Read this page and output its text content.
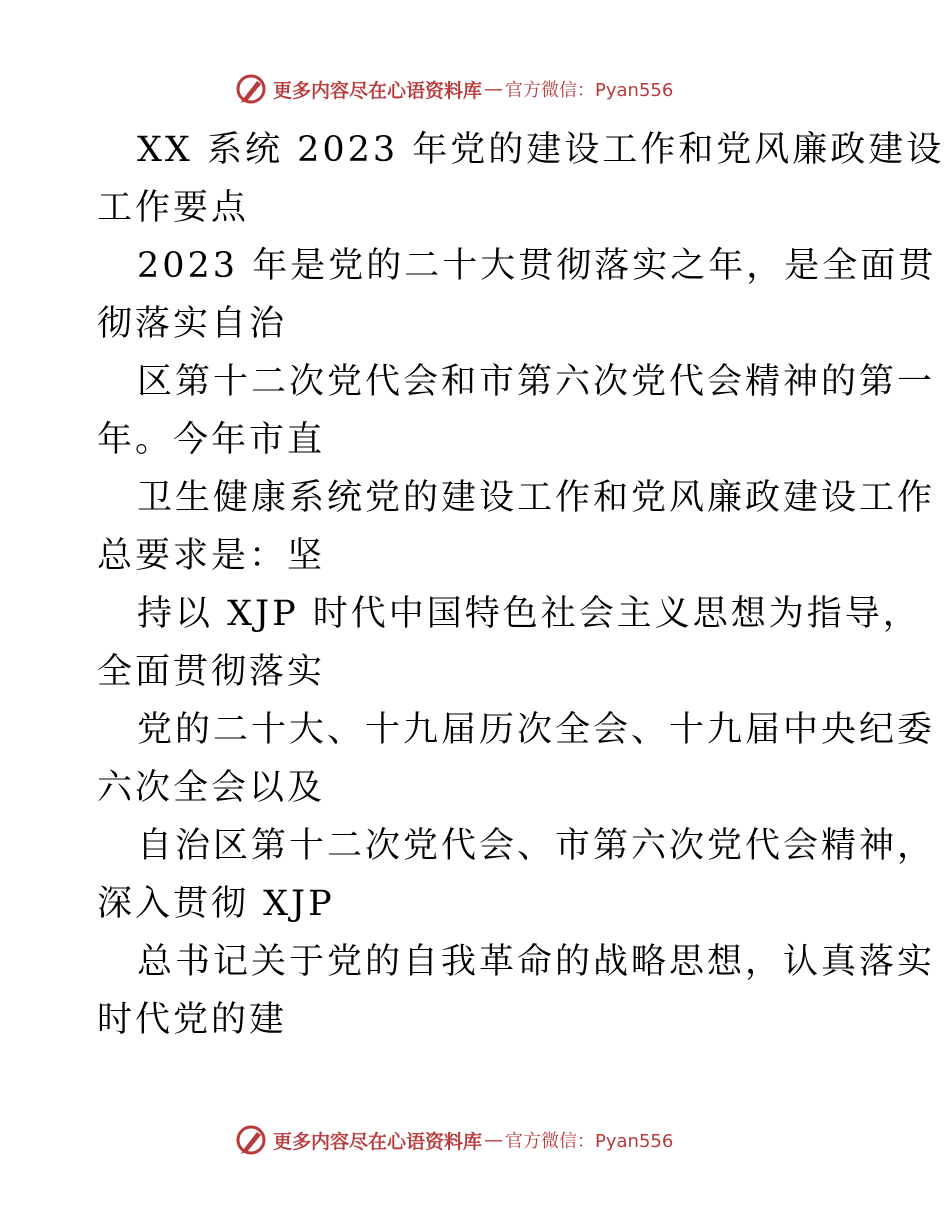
更多内容尽在心语资料库 — 官方微信：Pyan556

XX 系统 2023 年党的建设工作和党风廉政建设
工作要点

2023 年是党的二十大贯彻落实之年，是全面贯
彻落实自治

区第十二次党代会和市第六次党代会精神的第一
年。今年市直

卫生健康系统党的建设工作和党风廉政建设工作
总要求是：坚

持以 XJP 时代中国特色社会主义思想为指导，
全面贯彻落实

党的二十大、十九届历次全会、十九届中央纪委
六次全会以及

自治区第十二次党代会、市第六次党代会精神，
深入贯彻 XJP

总书记关于党的自我革命的战略思想，认真落实
时代党的建

更多内容尽在心语资料库 — 官方微信：Pyan556
